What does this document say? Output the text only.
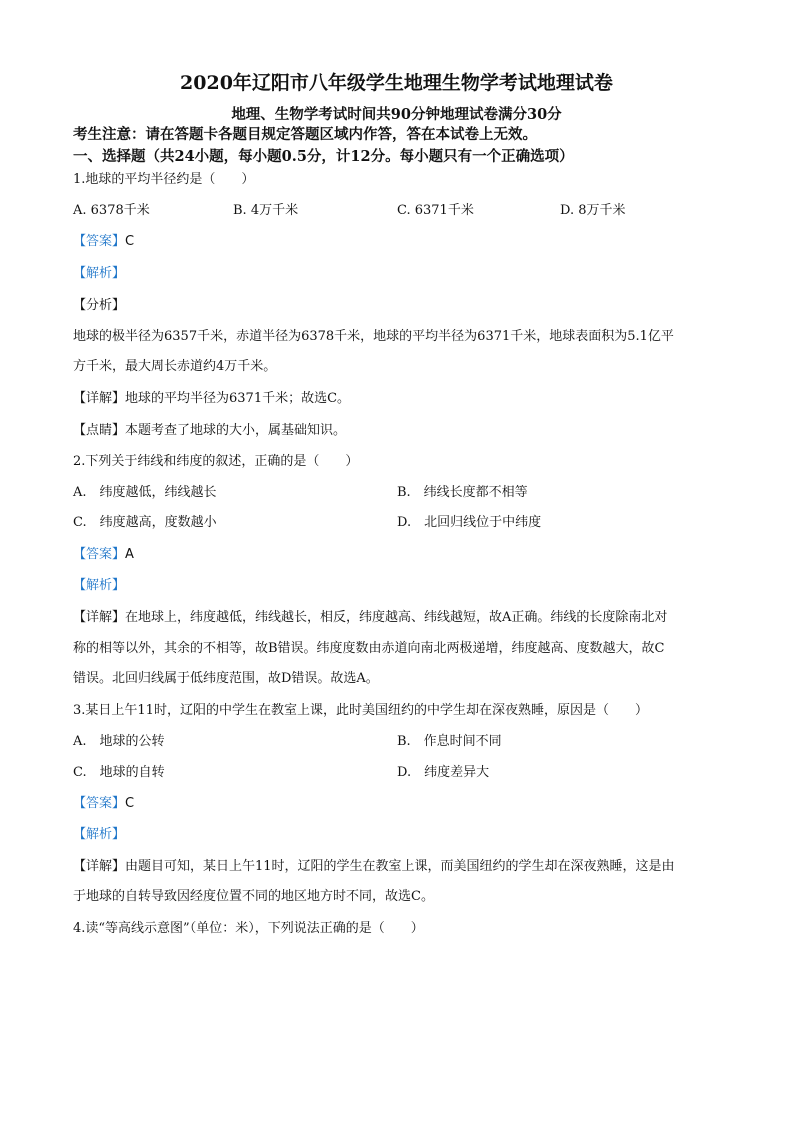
2020年辽阳市八年级学生地理生物学考试地理试卷
地理、生物学考试时间共90分钟地理试卷满分30分
考生注意：请在答题卡各题目规定答题区域内作答，答在本试卷上无效。
一、选择题（共24小题，每小题0.5分，计12分。每小题只有一个正确选项）
1.地球的平均半径约是（　　）
A. 6378千米	B. 4万千米	C. 6371千米	D. 8万千米
【答案】C
【解析】
【分析】
地球的极半径为6357千米，赤道半径为6378千米，地球的平均半径为6371千米，地球表面积为5.1亿平
方千米，最大周长赤道约4万千米。
【详解】地球的平均半径为6371千米；故选C。
【点睛】本题考查了地球的大小，属基础知识。
2.下列关于纬线和纬度的叙述，正确的是（　　）
A.　纬度越低，纬线越长	B.　纬线长度都不相等
C.　纬度越高，度数越小	D.　北回归线位于中纬度
【答案】A
【解析】
【详解】在地球上，纬度越低，纬线越长，相反，纬度越高、纬线越短，故A正确。纬线的长度除南北对
称的相等以外，其余的不相等，故B错误。纬度度数由赤道向南北两极递增，纬度越高、度数越大，故C
错误。北回归线属于低纬度范围，故D错误。故选A。
3.某日上午11时，辽阳的中学生在教室上课，此时美国纽约的中学生却在深夜熟睡，原因是（　　）
A.　地球的公转	B.　作息时间不同
C.　地球的自转	D.　纬度差异大
【答案】C
【解析】
【详解】由题目可知，某日上午11时，辽阳的学生在教室上课，而美国纽约的学生却在深夜熟睡，这是由
于地球的自转导致因经度位置不同的地区地方时不同，故选C。
4.读“等高线示意图”（单位：米），下列说法正确的是（　　）
